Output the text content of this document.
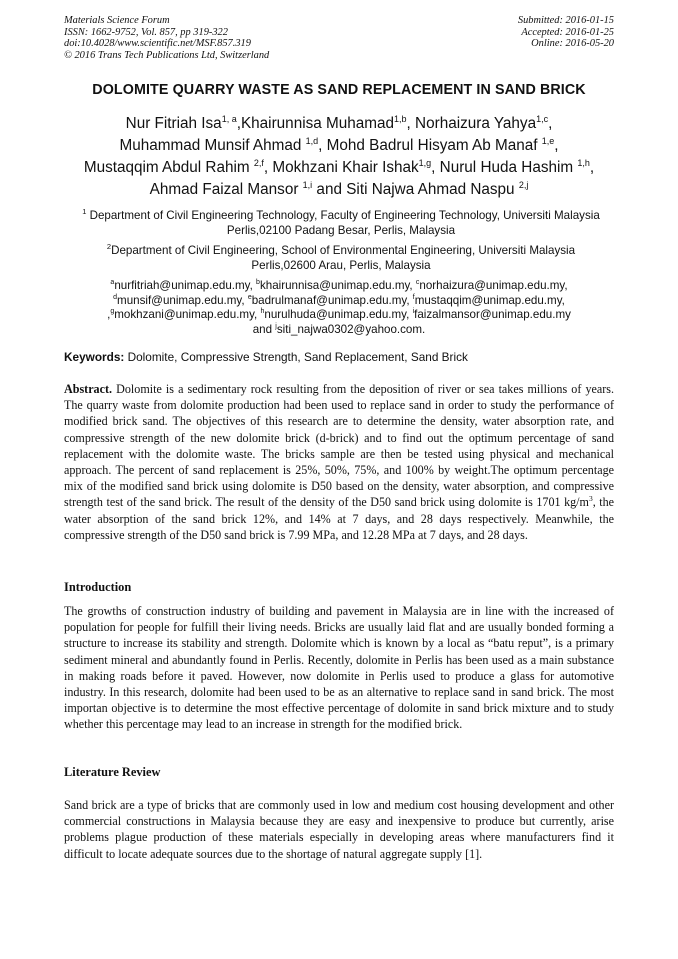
Materials Science Forum
ISSN: 1662-9752, Vol. 857, pp 319-322
doi:10.4028/www.scientific.net/MSF.857.319
© 2016 Trans Tech Publications Ltd, Switzerland
Submitted: 2016-01-15
Accepted: 2016-01-25
Online: 2016-05-20
DOLOMITE QUARRY WASTE AS SAND REPLACEMENT IN SAND BRICK
Nur Fitriah Isa$^{1, a}$,Khairunnisa Muhamad$^{1,b}$, Norhaizura Yahya$^{1,c}$,
Muhammad Munsif Ahmad $^{1,d}$, Mohd Badrul Hisyam Ab Manaf $^{1,e}$,
Mustaqqim Abdul Rahim $^{2,f}$, Mokhzani Khair Ishak$^{1,g}$, Nurul Huda Hashim $^{1,h}$,
Ahmad Faizal Mansor $^{1,i}$ and Siti Najwa Ahmad Naspu $^{2,j}$
$^1$ Department of Civil Engineering Technology, Faculty of Engineering Technology, Universiti Malaysia Perlis,02100 Padang Besar, Perlis, Malaysia
$^2$Department of Civil Engineering, School of Environmental Engineering, Universiti Malaysia Perlis,02600 Arau, Perlis, Malaysia
$^a$nurfitriah@unimap.edu.my, $^b$khairunnisa@unimap.edu.my, $^c$norhaizura@unimap.edu.my,
$^d$munsif@unimap.edu.my, $^e$badrulmanaf@unimap.edu.my, $^f$mustaqqim@unimap.edu.my,
,$^g$mokhzani@unimap.edu.my, $^h$nurulhuda@unimap.edu.my, $^i$faizalmansor@unimap.edu.my
and $^j$siti_najwa0302@yahoo.com.
Keywords: Dolomite, Compressive Strength, Sand Replacement, Sand Brick
Abstract. Dolomite is a sedimentary rock resulting from the deposition of river or sea takes millions of years. The quarry waste from dolomite production had been used to replace sand in order to study the performance of modified brick sand. The objectives of this research are to determine the density, water absorption rate, and compressive strength of the new dolomite brick (d-brick) and to find out the optimum percentage of sand replacement with the dolomite waste. The bricks sample are then be tested using physical and mechanical approach. The percent of sand replacement is 25%, 50%, 75%, and 100% by weight.The optimum percentage mix of the modified sand brick using dolomite is D50 based on the density, water absorption, and compressive strength test of the sand brick. The result of the density of the D50 sand brick using dolomite is 1701 $kg/m^3$, the water absorption of the sand brick 12%, and 14% at 7 days, and 28 days respectively. Meanwhile, the compressive strength of the D50 sand brick is 7.99 MPa, and 12.28 MPa at 7 days, and 28 days.
Introduction
The growths of construction industry of building and pavement in Malaysia are in line with the increased of population for people for fulfill their living needs. Bricks are usually laid flat and are usually bonded forming a structure to increase its stability and strength. Dolomite which is known by a local as “batu reput”, is a primary sediment mineral and abundantly found in Perlis. Recently, dolomite in Perlis has been used as a main substance in making roads before it paved. However, now dolomite in Perlis used to produce a glass for automotive industry. In this research, dolomite had been used to be as an alternative to replace sand in sand brick. The most importan objective is to determine the most effective percentage of dolomite in sand brick mixture and to study whether this percentage may lead to an increase in strength for the modified brick.
Literature Review
Sand brick are a type of bricks that are commonly used in low and medium cost housing development and other commercial constructions in Malaysia because they are easy and inexpensive to produce but currently, arise problems plague production of these materials especially in developing areas where manufacturers find it difficult to locate adequate sources due to the shortage of natural aggregate supply [1].
